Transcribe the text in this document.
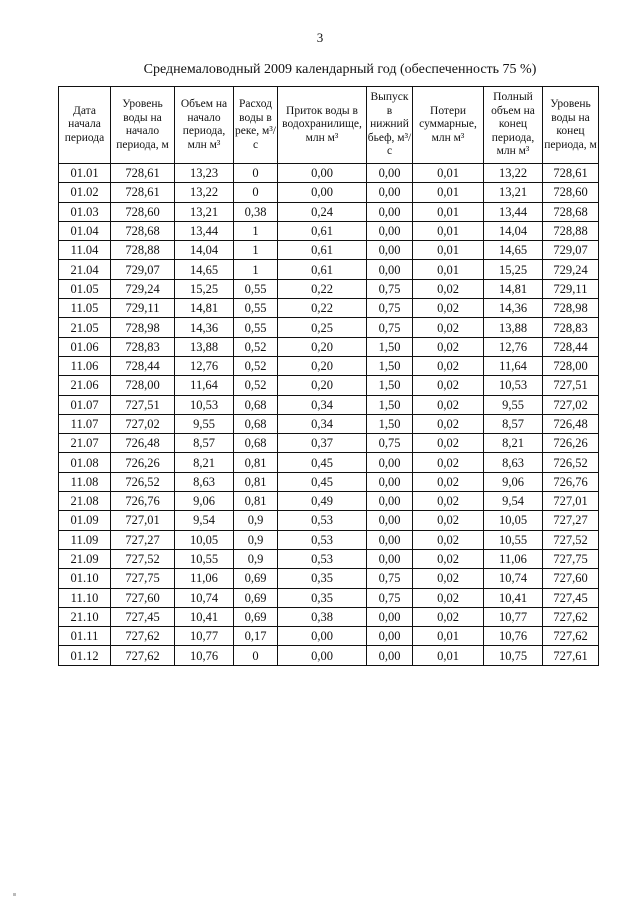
3
Среднемаловодный 2009 календарный год (обеспеченность 75 %)
Дата начала периода	Уровень воды на начало периода, м	Объем на начало периода, млн м³	Расход воды в реке, м³/с	Приток воды в водохранилище, млн м³	Выпуск в нижний бьеф, м³/с	Потери суммарные, млн м³	Полный объем на конец периода, млн м³	Уровень воды на конец периода, м
01.01	728,61	13,23	0	0,00	0,00	0,01	13,22	728,61
01.02	728,61	13,22	0	0,00	0,00	0,01	13,21	728,60
01.03	728,60	13,21	0,38	0,24	0,00	0,01	13,44	728,68
01.04	728,68	13,44	1	0,61	0,00	0,01	14,04	728,88
11.04	728,88	14,04	1	0,61	0,00	0,01	14,65	729,07
21.04	729,07	14,65	1	0,61	0,00	0,01	15,25	729,24
01.05	729,24	15,25	0,55	0,22	0,75	0,02	14,81	729,11
11.05	729,11	14,81	0,55	0,22	0,75	0,02	14,36	728,98
21.05	728,98	14,36	0,55	0,25	0,75	0,02	13,88	728,83
01.06	728,83	13,88	0,52	0,20	1,50	0,02	12,76	728,44
11.06	728,44	12,76	0,52	0,20	1,50	0,02	11,64	728,00
21.06	728,00	11,64	0,52	0,20	1,50	0,02	10,53	727,51
01.07	727,51	10,53	0,68	0,34	1,50	0,02	9,55	727,02
11.07	727,02	9,55	0,68	0,34	1,50	0,02	8,57	726,48
21.07	726,48	8,57	0,68	0,37	0,75	0,02	8,21	726,26
01.08	726,26	8,21	0,81	0,45	0,00	0,02	8,63	726,52
11.08	726,52	8,63	0,81	0,45	0,00	0,02	9,06	726,76
21.08	726,76	9,06	0,81	0,49	0,00	0,02	9,54	727,01
01.09	727,01	9,54	0,9	0,53	0,00	0,02	10,05	727,27
11.09	727,27	10,05	0,9	0,53	0,00	0,02	10,55	727,52
21.09	727,52	10,55	0,9	0,53	0,00	0,02	11,06	727,75
01.10	727,75	11,06	0,69	0,35	0,75	0,02	10,74	727,60
11.10	727,60	10,74	0,69	0,35	0,75	0,02	10,41	727,45
21.10	727,45	10,41	0,69	0,38	0,00	0,02	10,77	727,62
01.11	727,62	10,77	0,17	0,00	0,00	0,01	10,76	727,62
01.12	727,62	10,76	0	0,00	0,00	0,01	10,75	727,61
